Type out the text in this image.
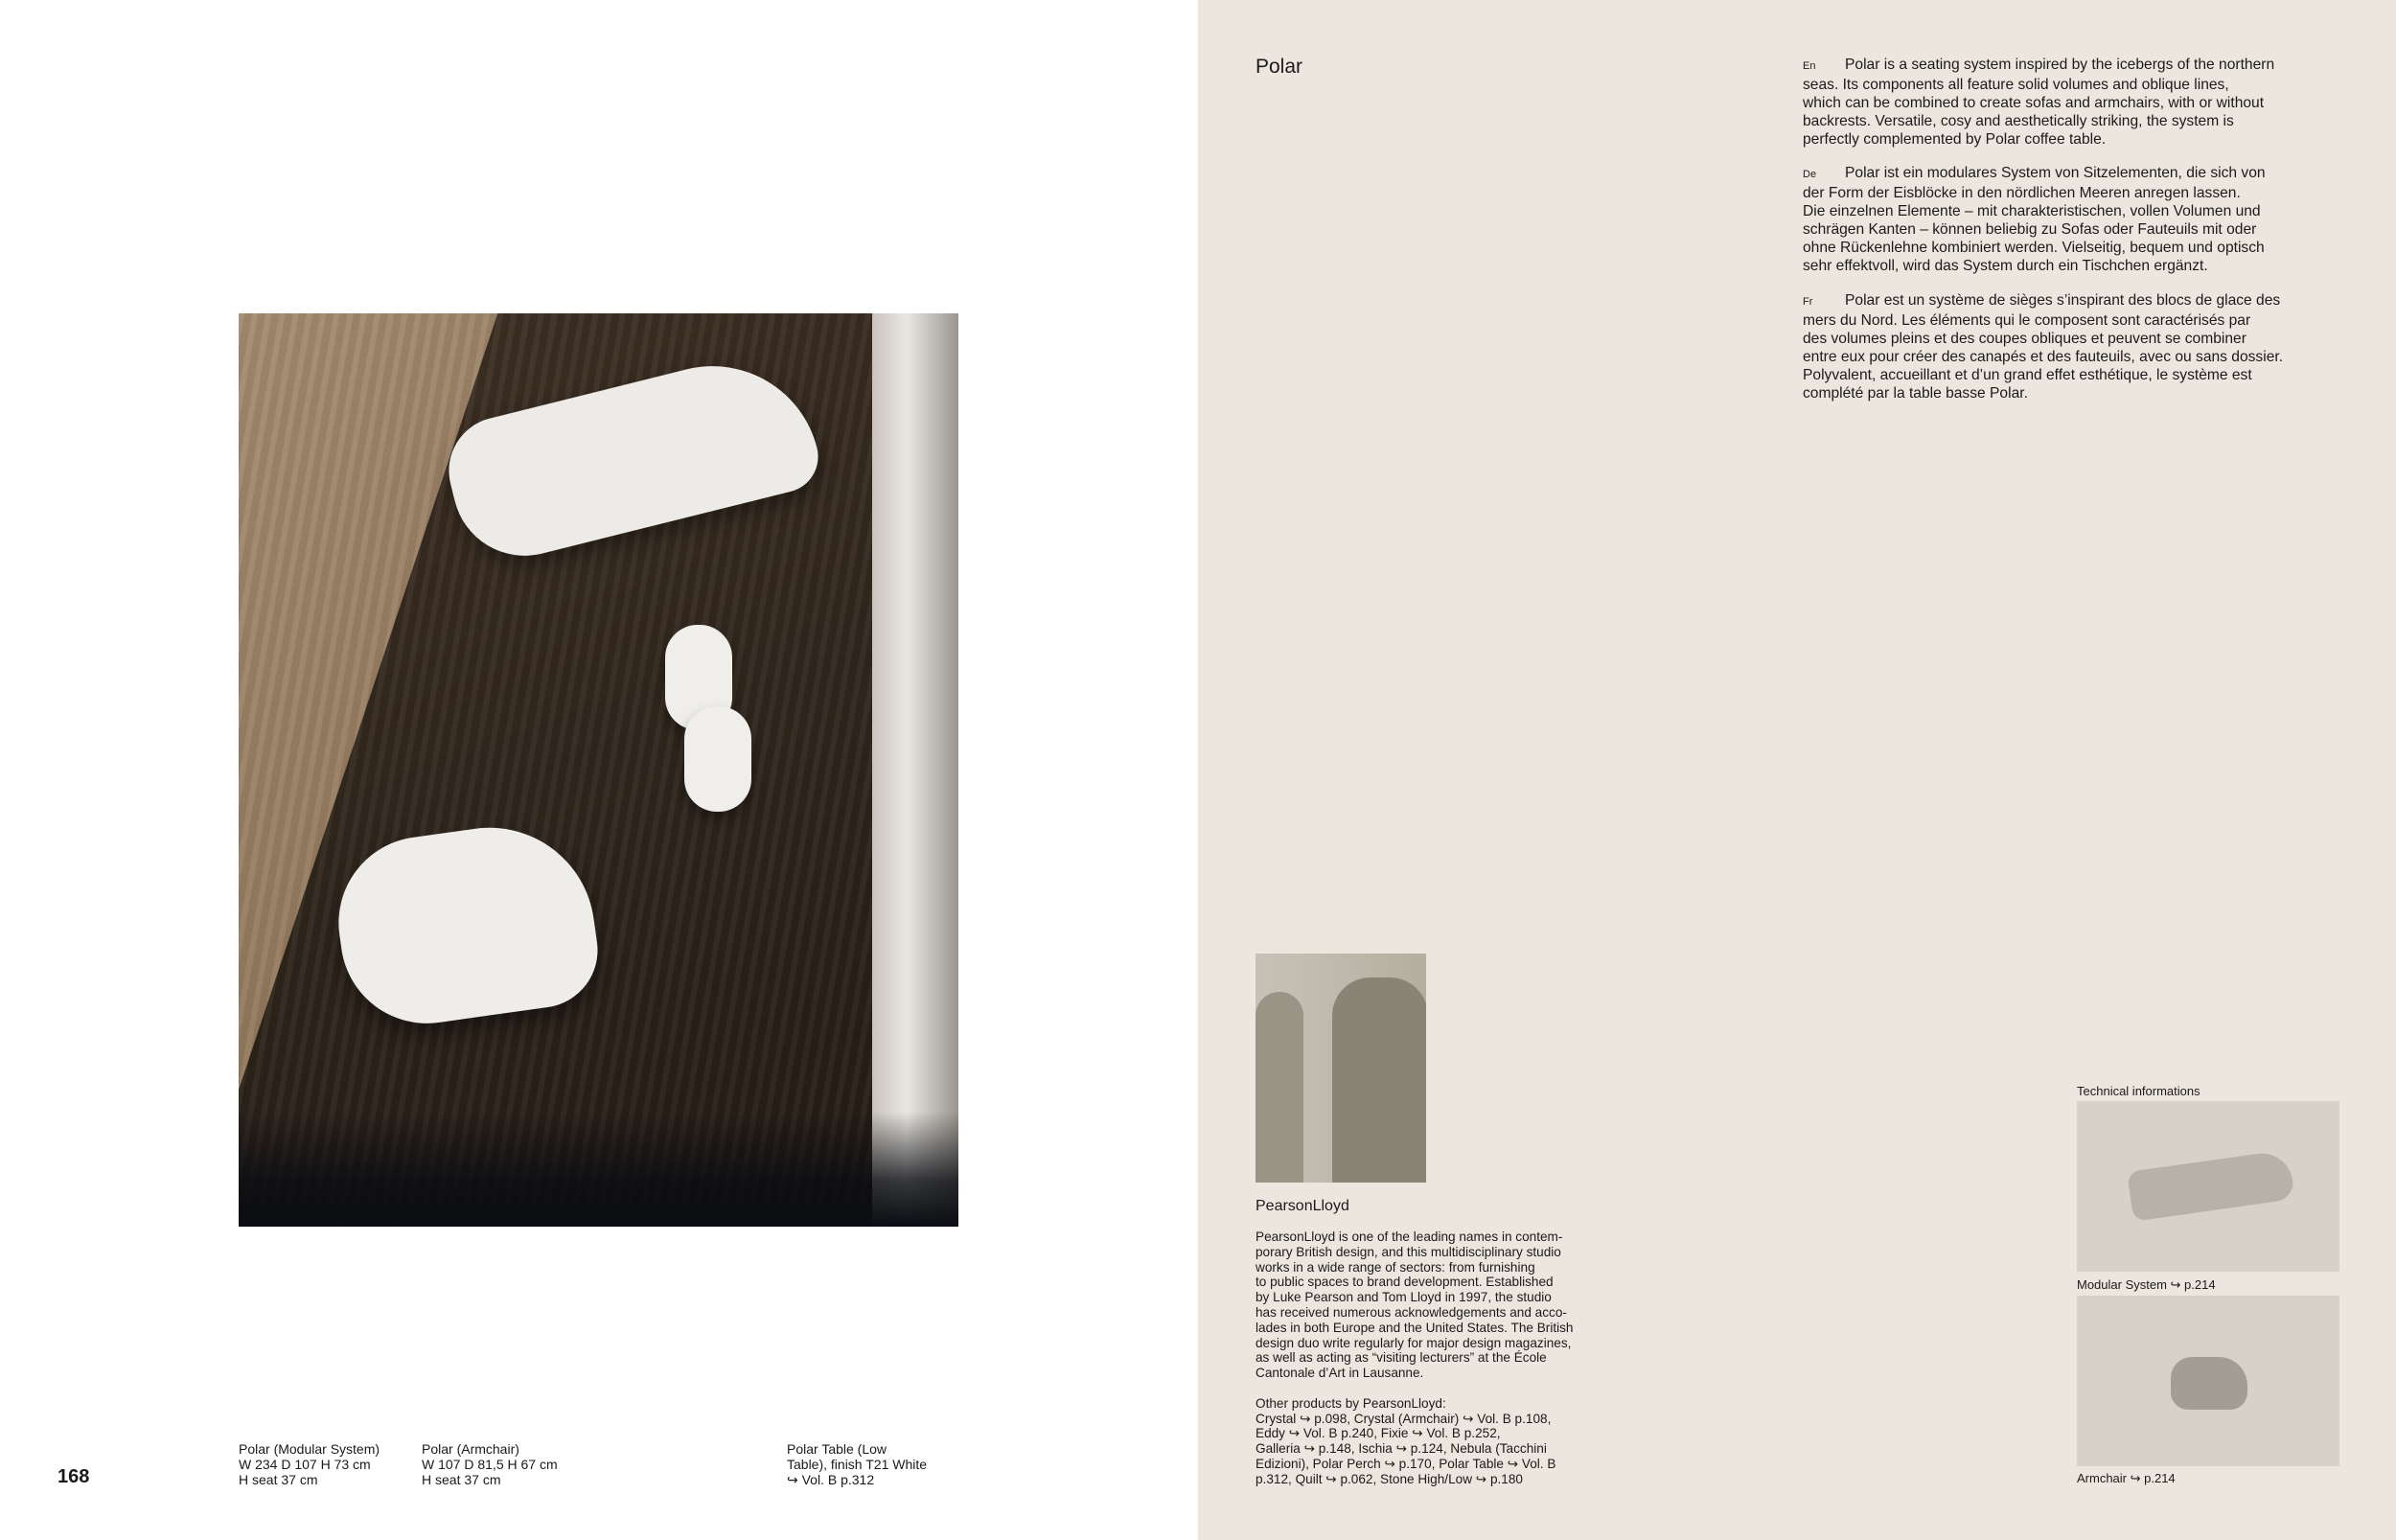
Polar (Modular System)
W 234 D 107 H 73 cm
H seat 37 cm
Polar (Armchair)
W 107 D 81,5 H 67 cm
H seat 37 cm
Polar Table (Low
Table), finish T21 White
↪ Vol. B p.312
168
Polar	En Polar is a seating system inspired by the icebergs of the northern
seas. Its components all feature solid volumes and oblique lines,
which can be combined to create sofas and armchairs, with or without
backrests. Versatile, cosy and aesthetically striking, the system is
perfectly complemented by Polar coffee table.
De Polar ist ein modulares System von Sitzelementen, die sich von
der Form der Eisblöcke in den nördlichen Meeren anregen lassen.
Die einzelnen Elemente – mit charakteristischen, vollen Volumen und
schrägen Kanten – können beliebig zu Sofas oder Fauteuils mit oder
ohne Rückenlehne kombiniert werden. Vielseitig, bequem und optisch
sehr effektvoll, wird das System durch ein Tischchen ergänzt.
Fr Polar est un système de sièges s’inspirant des blocs de glace des
mers du Nord. Les éléments qui le composent sont caractérisés par
des volumes pleins et des coupes obliques et peuvent se combiner
entre eux pour créer des canapés et des fauteuils, avec ou sans dossier.
Polyvalent, accueillant et d’un grand effet esthétique, le système est
complété par la table basse Polar.
PearsonLloyd
PearsonLloyd is one of the leading names in contem-
porary British design, and this multidisciplinary studio
works in a wide range of sectors: from furnishing
to public spaces to brand development. Established
by Luke Pearson and Tom Lloyd in 1997, the studio
has received numerous acknowledgements and acco-
lades in both Europe and the United States. The British
design duo write regularly for major design magazines,
as well as acting as “visiting lecturers” at the École
Cantonale d’Art in Lausanne.
Other products by PearsonLloyd:
Crystal ↪ p.098, Crystal (Armchair) ↪ Vol. B p.108,
Eddy ↪ Vol. B p.240, Fixie ↪ Vol. B p.252,
Galleria ↪ p.148, Ischia ↪ p.124, Nebula (Tacchini
Edizioni), Polar Perch ↪ p.170, Polar Table ↪ Vol. B
p.312, Quilt ↪ p.062, Stone High/Low ↪ p.180
Technical informations
Modular System ↪ p.214
Armchair ↪ p.214
